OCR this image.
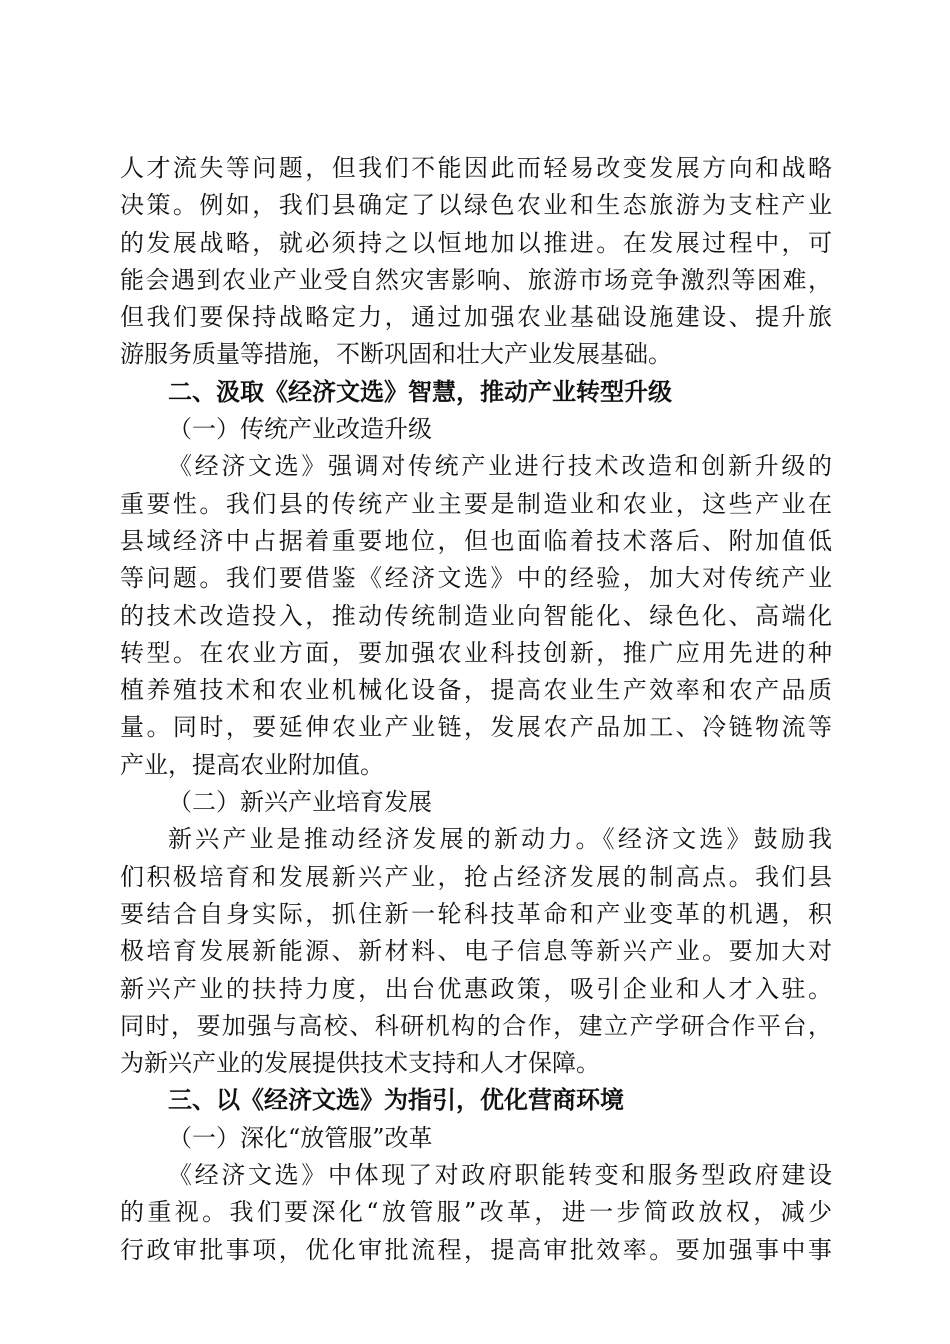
人才流失等问题，但我们不能因此而轻易改变发展方向和战略
决策。例如，我们县确定了以绿色农业和生态旅游为支柱产业
的发展战略，就必须持之以恒地加以推进。在发展过程中，可
能会遇到农业产业受自然灾害影响、旅游市场竞争激烈等困难，
但我们要保持战略定力，通过加强农业基础设施建设、提升旅
游服务质量等措施，不断巩固和壮大产业发展基础。
二、汲取《经济文选》智慧，推动产业转型升级
（一）传统产业改造升级
《经济文选》强调对传统产业进行技术改造和创新升级的
重要性。我们县的传统产业主要是制造业和农业，这些产业在
县域经济中占据着重要地位，但也面临着技术落后、附加值低
等问题。我们要借鉴《经济文选》中的经验，加大对传统产业
的技术改造投入，推动传统制造业向智能化、绿色化、高端化
转型。在农业方面，要加强农业科技创新，推广应用先进的种
植养殖技术和农业机械化设备，提高农业生产效率和农产品质
量。同时，要延伸农业产业链，发展农产品加工、冷链物流等
产业，提高农业附加值。
（二）新兴产业培育发展
新兴产业是推动经济发展的新动力。《经济文选》鼓励我
们积极培育和发展新兴产业，抢占经济发展的制高点。我们县
要结合自身实际，抓住新一轮科技革命和产业变革的机遇，积
极培育发展新能源、新材料、电子信息等新兴产业。要加大对
新兴产业的扶持力度，出台优惠政策，吸引企业和人才入驻。
同时，要加强与高校、科研机构的合作，建立产学研合作平台，
为新兴产业的发展提供技术支持和人才保障。
三、以《经济文选》为指引，优化营商环境
（一）深化“放管服”改革
《经济文选》中体现了对政府职能转变和服务型政府建设
的重视。我们要深化“放管服”改革，进一步简政放权，减少
行政审批事项，优化审批流程，提高审批效率。要加强事中事
